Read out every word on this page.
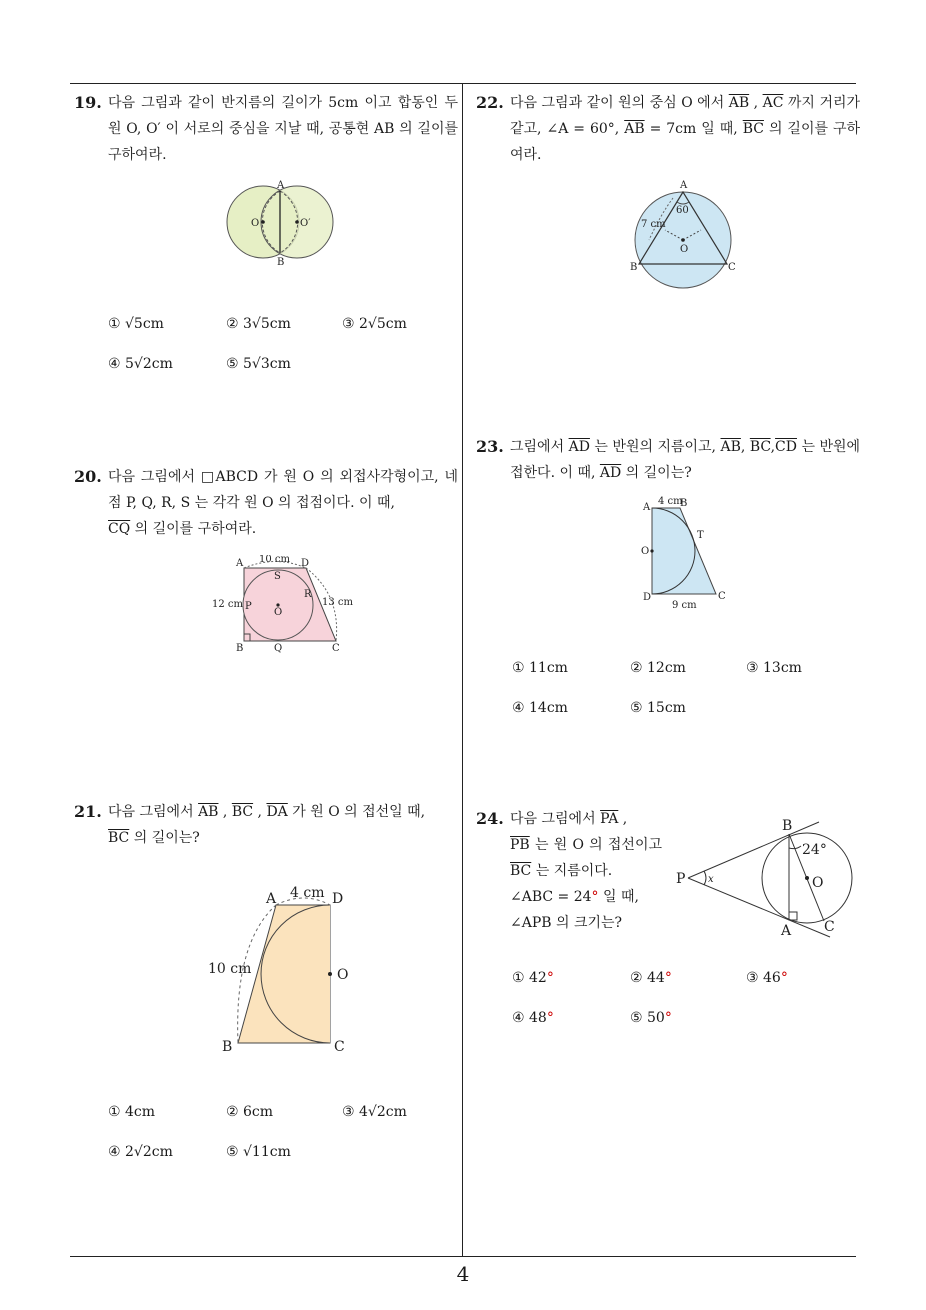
19. 다음 그림과 같이 반지름의 길이가 5cm 이고 합동인 두 원 O, O′ 이 서로의 중심을 지날 때, 공통현 AB 의 길이를 구하여라.
A
B
O	O′
① √5cm	② 3√5cm	③ 2√5cm
④ 5√2cm	⑤ 5√3cm
20. 다음 그림에서 □ABCD 가 원 O 의 외접사각형이고, 네 점 P, Q, R, S 는 각각 원 O 의 접점이다. 이 때,
$\overline{CQ}$ 의 길이를 구하여라.
A	D
B	C
S
P
Q
R
O
10 cm
12 cm	13 cm
21. 다음 그림에서 $\overline{AB}$ , $\overline{BC}$ , $\overline{DA}$ 가 원 O 의 접선일 때,
$\overline{BC}$ 의 길이는?
A	D
B	C
O
4 cm
10 cm
① 4cm	② 6cm	③ 4√2cm
④ 2√2cm	⑤ √11cm
22. 다음 그림과 같이 원의 중심 O 에서 $\overline{AB}$ , $\overline{AC}$ 까지 거리가 같고, ∠A = 60°, $\overline{AB} = 7cm$ 일 때, $\overline{BC}$ 의 길이를 구하여라.
A
B	C
O
60
7 cm
23. 그림에서 $\overline{AD}$ 는 반원의 지름이고, $\overline{AB}$, $\overline{BC},\overline{CD}$ 는 반원에 접한다. 이 때, $\overline{AD}$ 의 길이는?
A	B
C
D
O
T
4 cm
9 cm
① 11cm	② 12cm	③ 13cm
④ 14cm	⑤ 15cm
24. 다음 그림에서 $\overline{PA}$ ,
$\overline{PB}$ 는 원 O 의 접선이고 $\overline{BC}$ 는 지름이다.
∠ABC = 24° 일 때,
∠APB 의 크기는?
B
P	O
A C
x
24°
① 42°	② 44°	③ 46°
④ 48°	⑤ 50°
4
